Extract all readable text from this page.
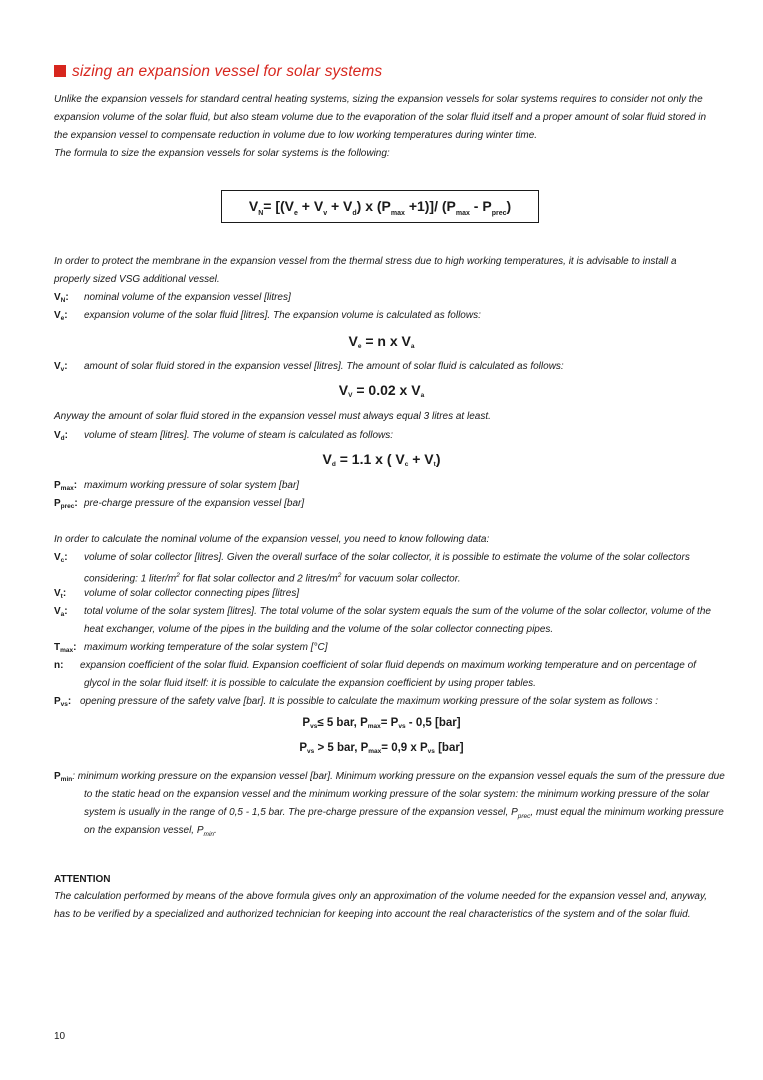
sizing an expansion vessel for solar systems
Unlike the expansion vessels for standard central heating systems, sizing the expansion vessels for solar systems requires to consider not only the expansion volume of the solar fluid, but also steam volume due to the evaporation of the solar fluid itself and a proper amount of solar fluid stored in the expansion vessel to compensate reduction in volume due to low working temperatures during winter time.
The formula to size the expansion vessels for solar systems is the following:
$V_N= [(V_e + V_v + V_d)$ x $(P_{max} +1)]/$ $(P_{max} - P_{prec})$
In order to protect the membrane in the expansion vessel from the thermal stress due to high working temperatures, it is advisable to install a properly sized VSG additional vessel.
$V_N$: nominal volume of the expansion vessel [litres]
$V_e$: expansion volume of the solar fluid [litres]. The expansion volume is calculated as follows:
$V_e = n$ x $V_a$
$V_v$: amount of solar fluid stored in the expansion vessel [litres]. The amount of solar fluid is calculated as follows:
$V_V = 0.02$ x $V_a$
Anyway the amount of solar fluid stored in the expansion vessel must always equal 3 litres at least.
$V_d$: volume of steam [litres]. The volume of steam is calculated as follows:
$V_d = 1.1$ x ( $V_c + V_t$)
$P_{max}$: maximum working pressure of solar system [bar]
$P_{prec}$: pre-charge pressure of the expansion vessel [bar]
In order to calculate the nominal volume of the expansion vessel, you need to know following data:
$V_c$: volume of solar collector [litres]. Given the overall surface of the solar collector, it is possible to estimate the volume of the solar collectors
considering: 1 liter/$m^2$ for flat solar collector and 2 litres/$m^2$ for vacuum solar collector.
$V_t$: volume of solar collector connecting pipes [litres]
$V_a$: total volume of the solar system [litres]. The total volume of the solar system equals the sum of the volume of the solar collector, volume of the
heat exchanger, volume of the pipes in the building and the volume of the solar collector connecting pipes.
$T_{max}$: maximum working temperature of the solar system [°C]
n: expansion coefficient of the solar fluid. Expansion coefficient of solar fluid depends on maximum working temperature and on percentage of
glycol in the solar fluid itself: it is possible to calculate the expansion coefficient by using proper tables.
$P_{vs}$: opening pressure of the safety valve [bar]. It is possible to calculate the maximum working pressure of the solar system as follows :
$P_{vs}\le 5$ bar, $P_{max}= P_{vs} - 0,5$ [bar]
$P_{vs} > 5$ bar, $P_{max}= 0,9$ x $P_{vs}$ [bar]
$P_{min}$: minimum working pressure on the expansion vessel [bar]. Minimum working pressure on the expansion vessel equals the sum of the pressure due
to the static head on the expansion vessel and the minimum working pressure of the solar system: the minimum working pressure of the solar
system is usually in the range of 0,5 - 1,5 bar. The pre-charge pressure of the expansion vessel, $P_{prec}$, must equal the minimum working pressure
on the expansion vessel, $P_{min}$.
ATTENTION
The calculation performed by means of the above formula gives only an approximation of the volume needed for the expansion vessel and, anyway, has to be verified by a specialized and authorized technician for keeping into account the real characteristics of the system and of the solar fluid.
10
